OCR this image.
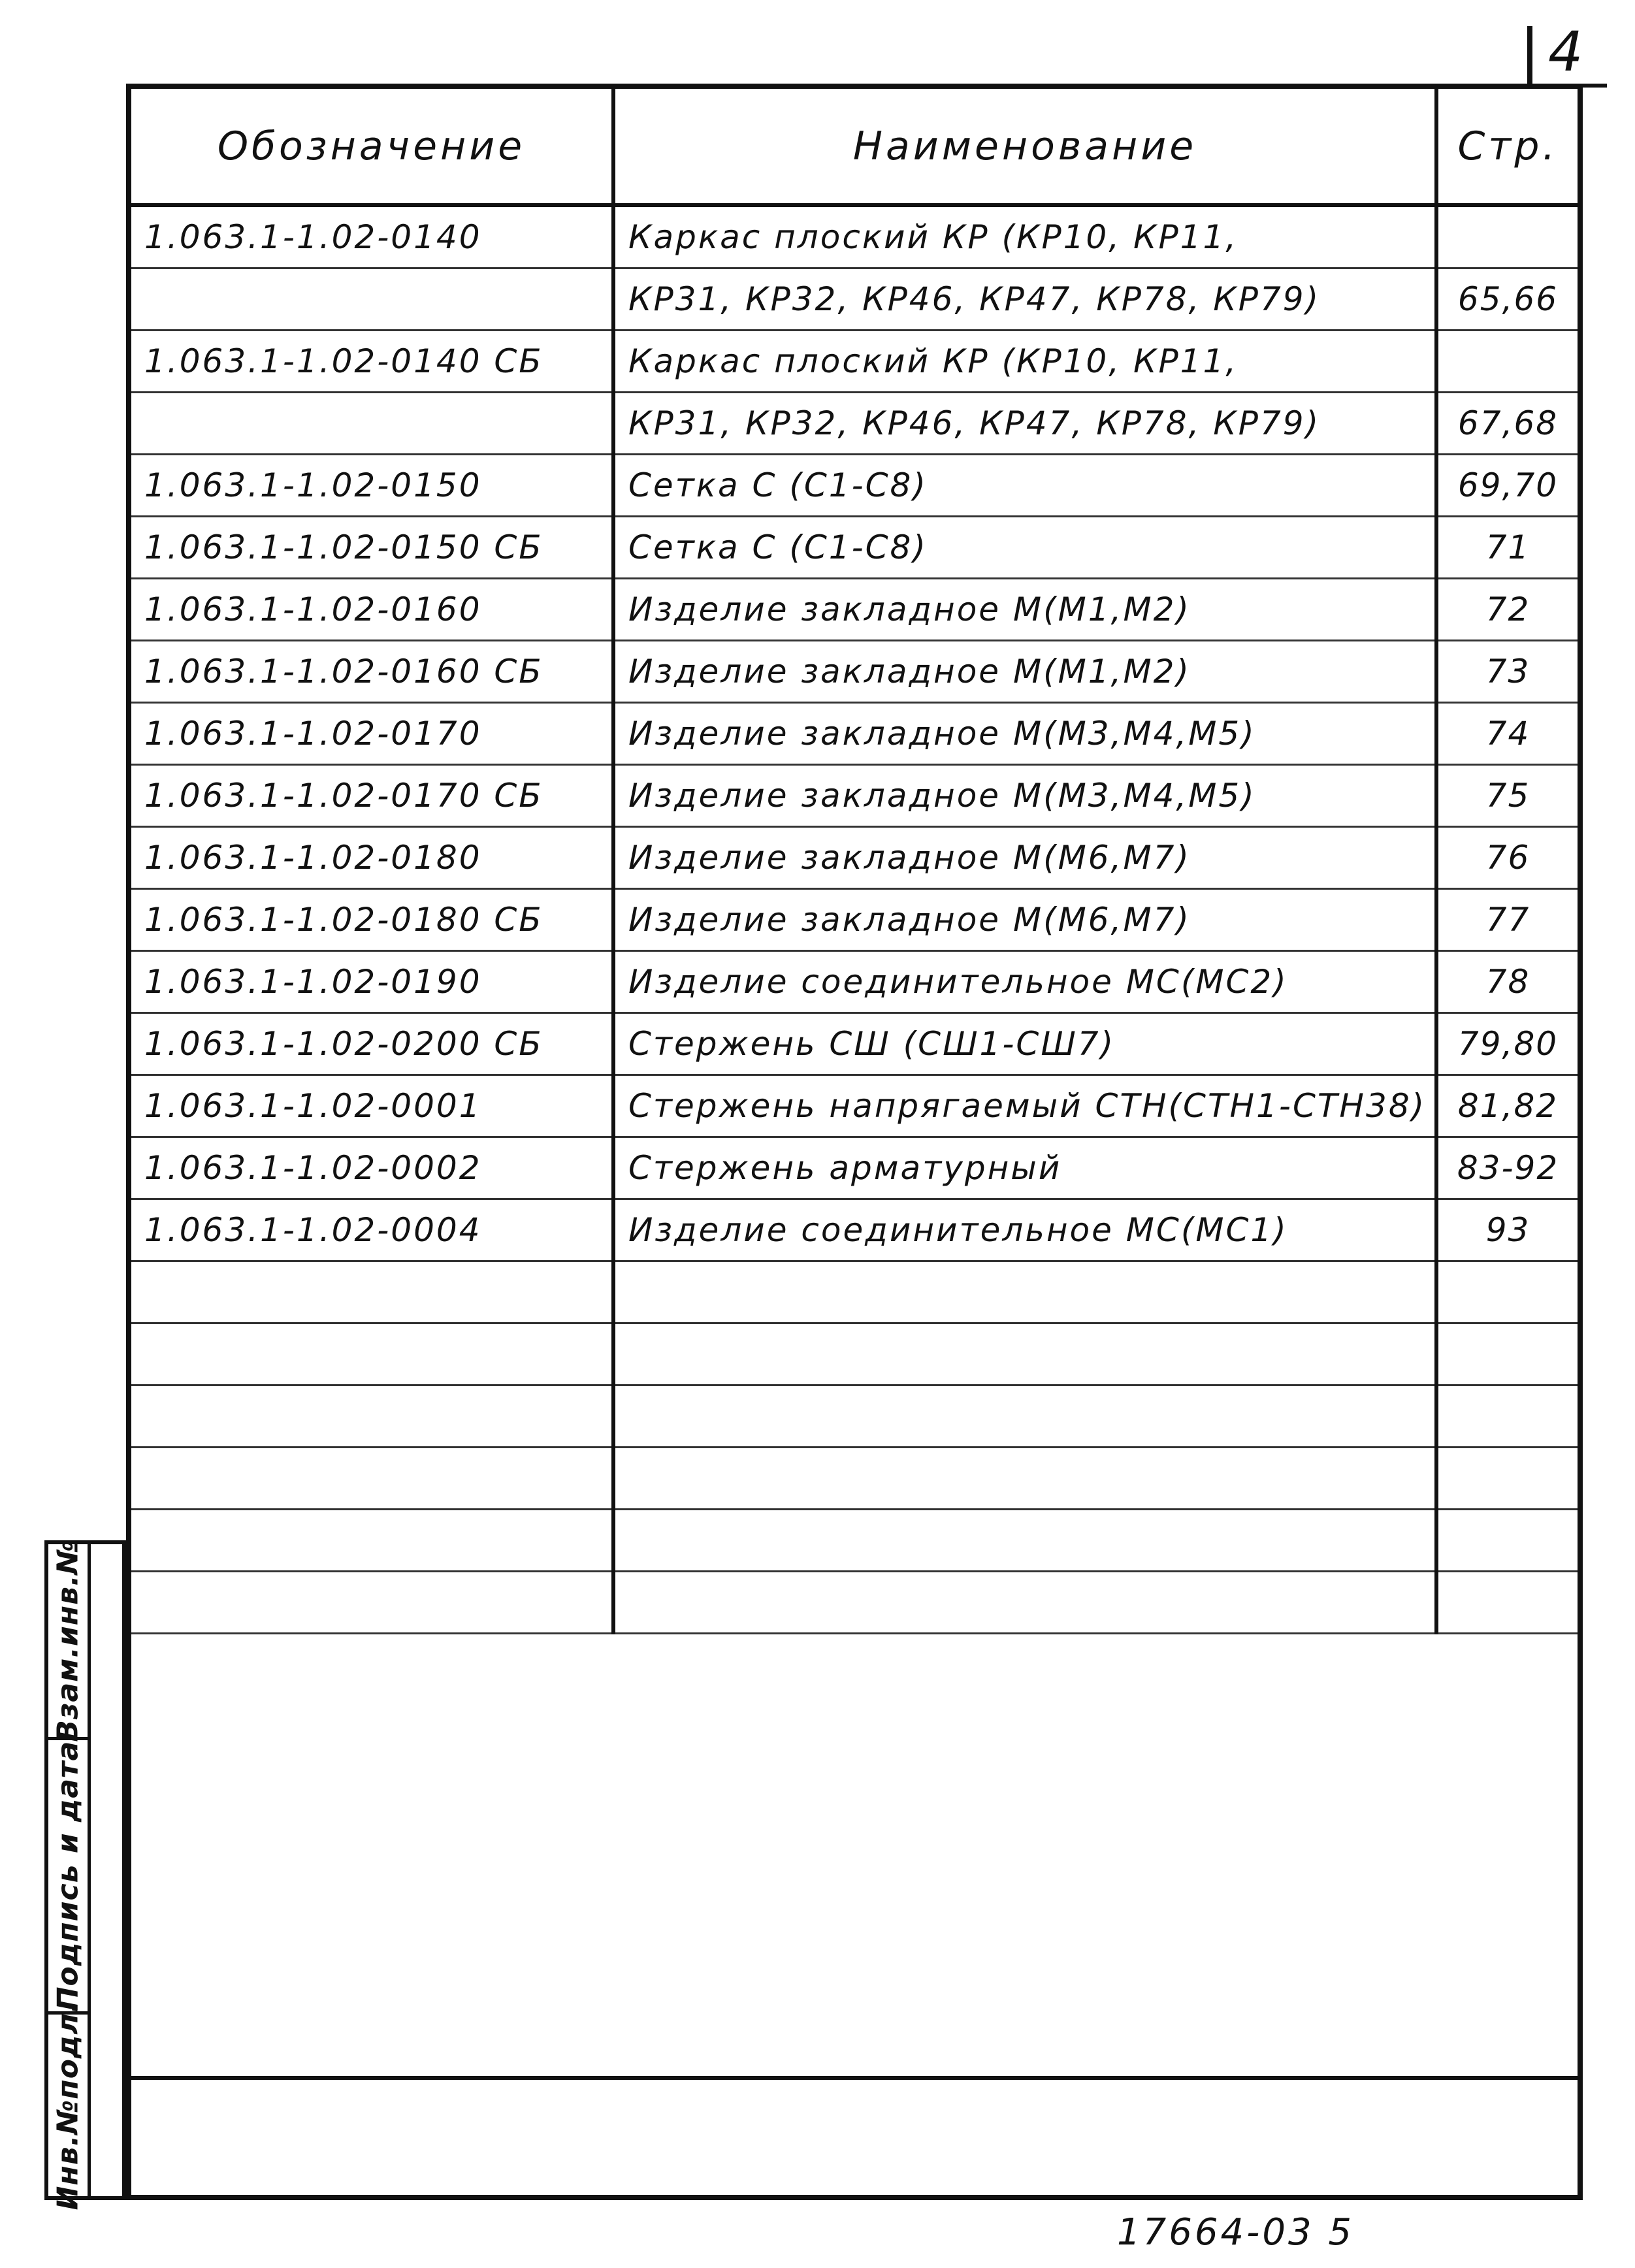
4
Обозначение	Наименование	Стр.
1.063.1-1.02-0140	Каркас плоский КР (КР10, КР11,	
	КР31, КР32, КР46, КР47, КР78, КР79)	65,66
1.063.1-1.02-0140 СБ	Каркас плоский КР (КР10, КР11,	
	КР31, КР32, КР46, КР47, КР78, КР79)	67,68
1.063.1-1.02-0150	Сетка С (С1-С8)	69,70
1.063.1-1.02-0150 СБ	Сетка С (С1-С8)	71
1.063.1-1.02-0160	Изделие закладное М(М1,М2)	72
1.063.1-1.02-0160 СБ	Изделие закладное М(М1,М2)	73
1.063.1-1.02-0170	Изделие закладное М(М3,М4,М5)	74
1.063.1-1.02-0170 СБ	Изделие закладное М(М3,М4,М5)	75
1.063.1-1.02-0180	Изделие закладное М(М6,М7)	76
1.063.1-1.02-0180 СБ	Изделие закладное М(М6,М7)	77
1.063.1-1.02-0190	Изделие соединительное МС(МС2)	78
1.063.1-1.02-0200 СБ	Стержень СШ (СШ1-СШ7)	79,80
1.063.1-1.02-0001	Стержень напрягаемый СТН(СТН1-СТН38)	81,82
1.063.1-1.02-0002	Стержень арматурный	83-92
1.063.1-1.02-0004	Изделие соединительное МС(МС1)	93

Взам.инв.№
Подпись и дата
Инв.№подл.
17664-03 5
